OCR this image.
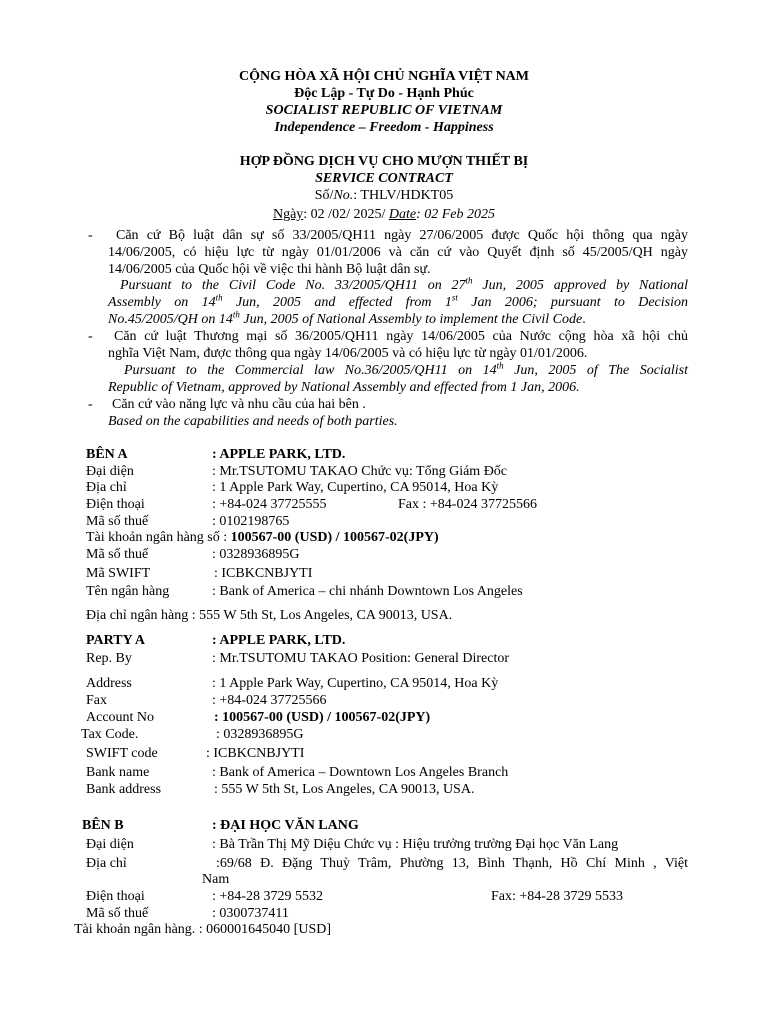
CỘNG HÒA XÃ HỘI CHỦ NGHĨA VIỆT NAM
Độc Lập - Tự Do - Hạnh Phúc
SOCIALIST REPUBLIC OF VIETNAM
Independence – Freedom - Happiness
HỢP ĐỒNG DỊCH VỤ CHO MƯỢN THIẾT BỊ
SERVICE CONTRACT
Số/No.: THLV/HDKT05
Ngày: 02 /02/ 2025/ Date: 02 Feb 2025
- Căn cứ Bộ luật dân sự số 33/2005/QH11 ngày 27/06/2005 được Quốc hội thông qua ngày
14/06/2005, có hiệu lực từ ngày 01/01/2006 và căn cứ vào Quyết định số 45/2005/QH ngày
14/06/2005 của Quốc hội về việc thi hành Bộ luật dân sự.
Pursuant to the Civil Code No. 33/2005/QH11 on 27th Jun, 2005 approved by National
Assembly on 14th Jun, 2005 and effected from 1st Jan 2006; pursuant to Decision
No.45/2005/QH on 14th Jun, 2005 of National Assembly to implement the Civil Code.
- Căn cứ luật Thương mại số 36/2005/QH11 ngày 14/06/2005 của Nước cộng hòa xã hội chủ
nghĩa Việt Nam, được thông qua ngày 14/06/2005 và có hiệu lực từ ngày 01/01/2006.
Pursuant to the Commercial law No.36/2005/QH11 on 14th Jun, 2005 of The Socialist
Republic of Vietnam, approved by National Assembly and effected from 1 Jan, 2006.
- Căn cứ vào năng lực và nhu cầu của hai bên .
Based on the capabilities and needs of both parties.
BÊN A	: APPLE PARK, LTD.
Đại diện	: Mr.TSUTOMU TAKAO Chức vụ: Tổng Giám Đốc
Địa chỉ	: 1 Apple Park Way, Cupertino, CA 95014, Hoa Kỳ
Điện thoại	: +84-024 37725555	Fax : +84-024 37725566
Mã số thuế	: 0102198765
Tài khoản ngân hàng số : 100567-00 (USD) / 100567-02(JPY)
Mã số thuế	: 0328936895G
Mã SWIFT	: ICBKCNBJYTI
Tên ngân hàng	: Bank of America – chi nhánh Downtown Los Angeles
Địa chỉ ngân hàng : 555 W 5th St, Los Angeles, CA 90013, USA.
PARTY A	: APPLE PARK, LTD.
Rep. By	: Mr.TSUTOMU TAKAO Position: General Director
Address	: 1 Apple Park Way, Cupertino, CA 95014, Hoa Kỳ
Fax	: +84-024 37725566
Account No	: 100567-00 (USD) / 100567-02(JPY)
Tax Code.	: 0328936895G
SWIFT code	: ICBKCNBJYTI
Bank name	: Bank of America – Downtown Los Angeles Branch
Bank address	: 555 W 5th St, Los Angeles, CA 90013, USA.
BÊN B	: ĐẠI HỌC VĂN LANG
Đại diện	: Bà Trần Thị Mỹ Diệu Chức vụ : Hiệu trưởng trường Đại học Văn Lang
Địa chỉ	:69/68 Đ. Đặng Thuỳ Trâm, Phường 13, Bình Thạnh, Hồ Chí Minh , Việt
Nam
Điện thoại	: +84-28 3729 5532	Fax: +84-28 3729 5533
Mã số thuế	: 0300737411
Tài khoản ngân hàng. : 060001645040 [USD]
